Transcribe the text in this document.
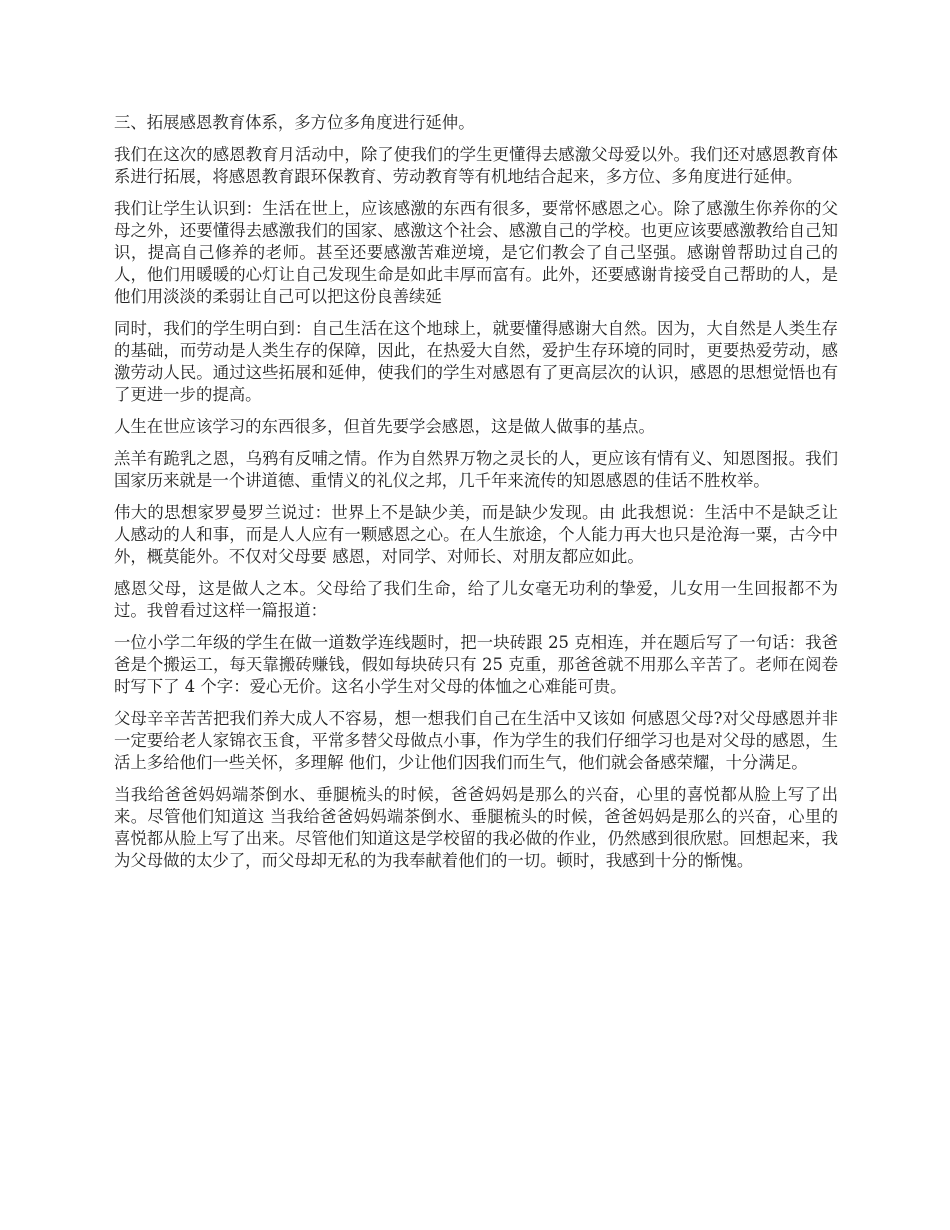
三、拓展感恩教育体系，多方位多角度进行延伸。

我们在这次的感恩教育月活动中，除了使我们的学生更懂得去感激父母爱以外。我们还对感恩教育体系进行拓展，将感恩教育跟环保教育、劳动教育等有机地结合起来，多方位、多角度进行延伸。

我们让学生认识到：生活在世上，应该感激的东西有很多，要常怀感恩之心。除了感激生你养你的父母之外，还要懂得去感激我们的国家、感激这个社会、感激自己的学校。也更应该要感激教给自己知识，提高自己修养的老师。甚至还要感激苦难逆境，是它们教会了自己坚强。感谢曾帮助过自己的人，他们用暖暖的心灯让自己发现生命是如此丰厚而富有。此外，还要感谢肯接受自己帮助的人，是他们用淡淡的柔弱让自己可以把这份良善续延

同时，我们的学生明白到：自己生活在这个地球上，就要懂得感谢大自然。因为，大自然是人类生存的基础，而劳动是人类生存的保障，因此，在热爱大自然，爱护生存环境的同时，更要热爱劳动，感激劳动人民。通过这些拓展和延伸，使我们的学生对感恩有了更高层次的认识，感恩的思想觉悟也有了更进一步的提高。

人生在世应该学习的东西很多，但首先要学会感恩，这是做人做事的基点。

羔羊有跪乳之恩，乌鸦有反哺之情。作为自然界万物之灵长的人，更应该有情有义、知恩图报。我们国家历来就是一个讲道德、重情义的礼仪之邦，几千年来流传的知恩感恩的佳话不胜枚举。

伟大的思想家罗曼罗兰说过：世界上不是缺少美，而是缺少发现。由 此我想说：生活中不是缺乏让人感动的人和事，而是人人应有一颗感恩之心。在人生旅途，个人能力再大也只是沧海一粟，古今中外，概莫能外。不仅对父母要 感恩，对同学、对师长、对朋友都应如此。

感恩父母，这是做人之本。父母给了我们生命，给了儿女毫无功利的挚爱，儿女用一生回报都不为过。我曾看过这样一篇报道：

一位小学二年级的学生在做一道数学连线题时，把一块砖跟 25 克相连，并在题后写了一句话：我爸爸是个搬运工，每天靠搬砖赚钱，假如每块砖只有 25 克重，那爸爸就不用那么辛苦了。老师在阅卷时写下了 4 个字：爱心无价。这名小学生对父母的体恤之心难能可贵。

父母辛辛苦苦把我们养大成人不容易，想一想我们自己在生活中又该如 何感恩父母?对父母感恩并非一定要给老人家锦衣玉食，平常多替父母做点小事，作为学生的我们仔细学习也是对父母的感恩，生活上多给他们一些关怀，多理解 他们，少让他们因我们而生气，他们就会备感荣耀，十分满足。

当我给爸爸妈妈端茶倒水、垂腿梳头的时候，爸爸妈妈是那么的兴奋，心里的喜悦都从脸上写了出来。尽管他们知道这 当我给爸爸妈妈端茶倒水、垂腿梳头的时候，爸爸妈妈是那么的兴奋，心里的喜悦都从脸上写了出来。尽管他们知道这是学校留的我必做的作业，仍然感到很欣慰。回想起来，我为父母做的太少了，而父母却无私的为我奉献着他们的一切。顿时，我感到十分的惭愧。
